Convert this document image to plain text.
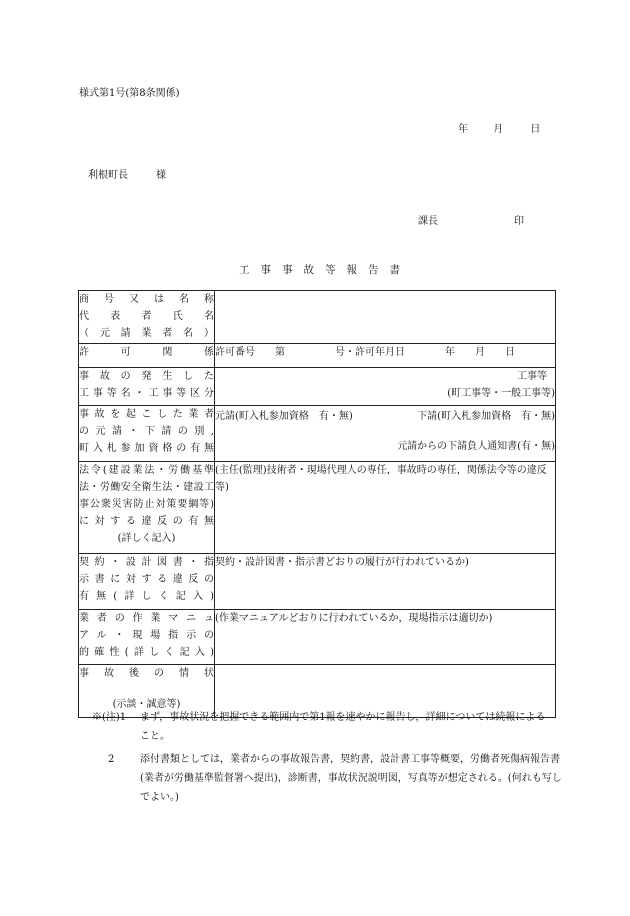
様式第1号(第8条関係)
年	月	日
利根町長	様
課長	印
工事事故等報告書
商号又は名称
代表者氏名
（元請業者名）	

許可関係	許可番号　　第　　　　　号・許可年月日　　　　年　　月　　日

事故の発生した
工事等名・工事等区分	工事等
(町工事等・一般工事等)

事故を起こした業者
の元請・下請の別,
町入札参加資格の有無	元請(町入札参加資格　有・無) 下請(町入札参加資格　有・無)
元請からの下請負人通知書(有・無)

法令(建設業法・労働基準
法・労働安全衛生法・建設工
事公衆災害防止対策要綱等)
に対する違反の有無
(詳しく記入)	(主任(監理)技術者・現場代理人の専任，事故時の専任，関係法令等の違反等)

契約・設計図書・指
示書に対する違反の
有無(詳しく記入)	契約・設計図書・指示書どおりの履行が行われているか)

業者の作業マニュ
アル・現場指示の
的確性(詳しく記入)	(作業マニュアルどおりに行われているか，現場指示は適切か)

事故後の情状
(示談・誠意等)	

※(注)1	まず，事故状況を把握できる範囲内で第1報を速やかに報告し，詳細については続報によること。
2	添付書類としては，業者からの事故報告書，契約書，設計書工事等概要，労働者死傷病報告書(業者が労働基準監督署へ提出)，診断書，事故状況説明図，写真等が想定される。(何れも写しでよい。)
